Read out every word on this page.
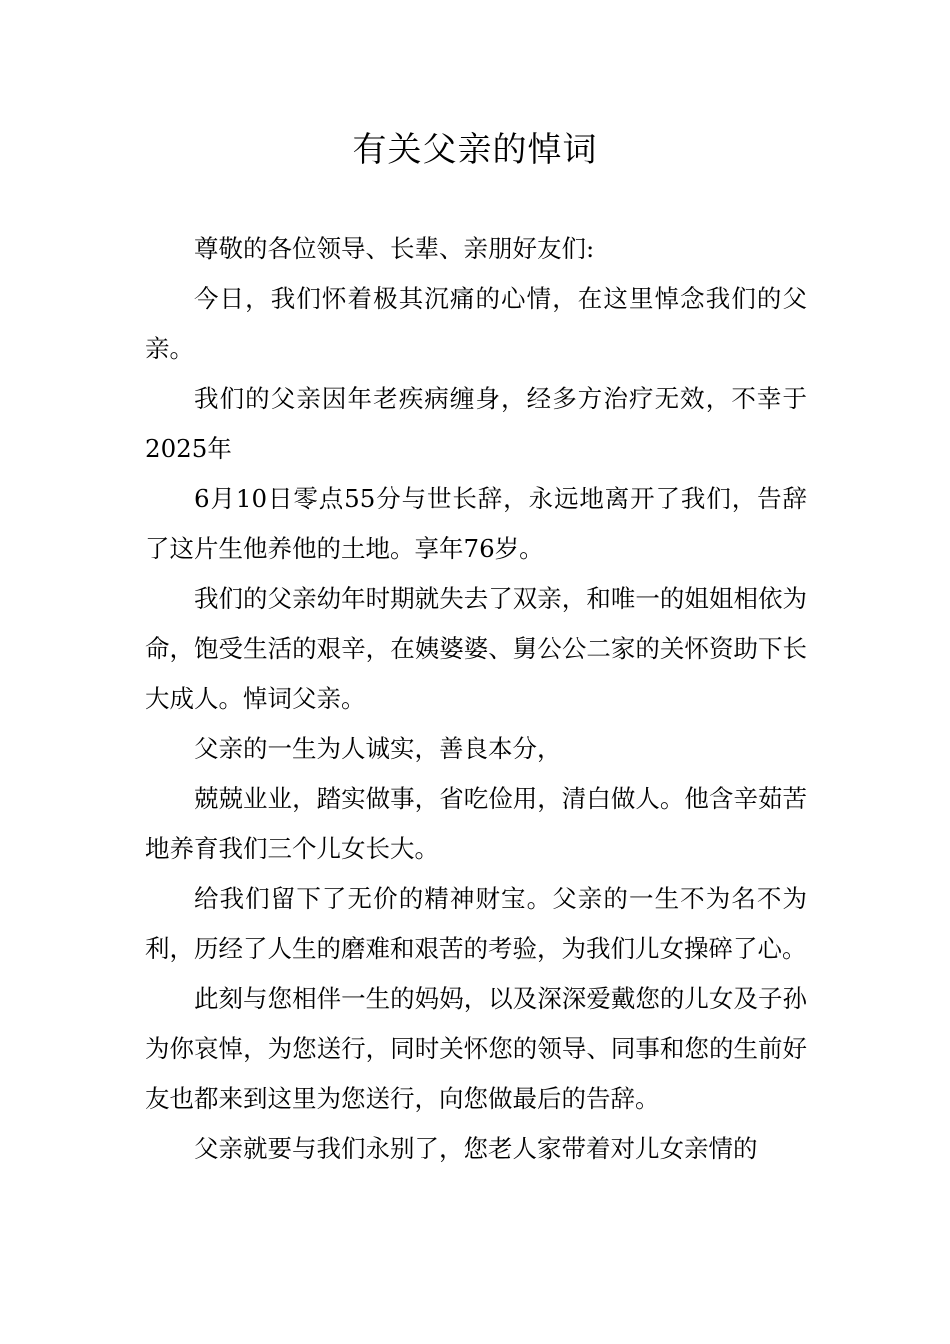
有关父亲的悼词

尊敬的各位领导、长辈、亲朋好友们:

今日，我们怀着极其沉痛的心情，在这里悼念我们的父亲。

我们的父亲因年老疾病缠身，经多方治疗无效，不幸于2025年

6月10日零点55分与世长辞，永远地离开了我们，告辞了这片生他养他的土地。享年76岁。

我们的父亲幼年时期就失去了双亲，和唯一的姐姐相依为命，饱受生活的艰辛，在姨婆婆、舅公公二家的关怀资助下长大成人。悼词父亲。

父亲的一生为人诚实，善良本分，

兢兢业业，踏实做事，省吃俭用，清白做人。他含辛茹苦地养育我们三个儿女长大。

给我们留下了无价的精神财宝。父亲的一生不为名不为利，历经了人生的磨难和艰苦的考验，为我们儿女操碎了心。

此刻与您相伴一生的妈妈，以及深深爱戴您的儿女及子孙为你哀悼，为您送行，同时关怀您的领导、同事和您的生前好友也都来到这里为您送行，向您做最后的告辞。

父亲就要与我们永别了，您老人家带着对儿女亲情的
